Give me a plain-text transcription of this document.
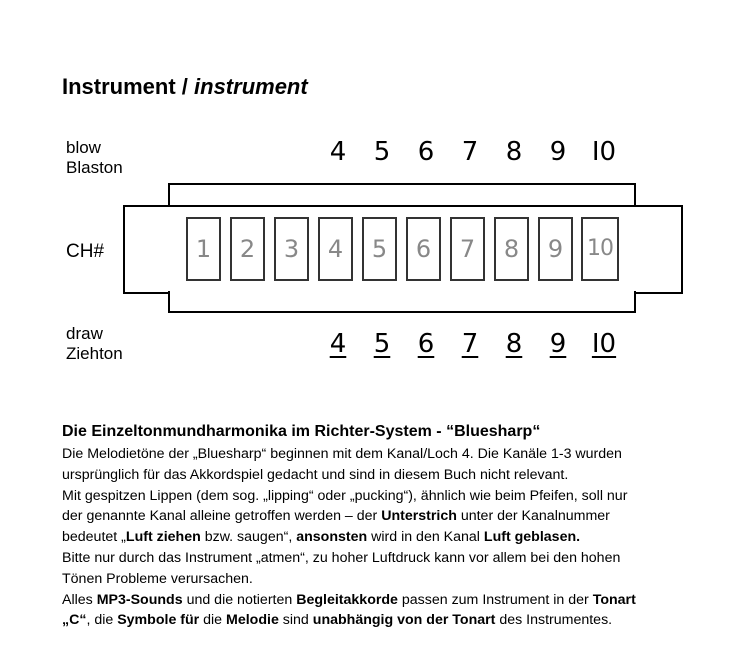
Instrument / instrument
blow
Blaston
4	5	6	7	8	9 I0
CH#	1	2	3	4	5	6	7	8	9	10
draw
Ziehton	4	5	6	7	8	9 I0
Die Einzeltonmundharmonika im Richter-System - “Bluesharp“

Die Melodietöne der „Bluesharp“ beginnen mit dem Kanal/Loch 4. Die Kanäle 1-3 wurden

ursprünglich für das Akkordspiel gedacht und sind in diesem Buch nicht relevant.

Mit gespitzen Lippen (dem sog. „lipping“ oder „pucking“), ähnlich wie beim Pfeifen, soll nur

der genannte Kanal alleine getroffen werden – der Unterstrich unter der Kanalnummer

bedeutet „Luft ziehen bzw. saugen“, ansonsten wird in den Kanal Luft geblasen.

Bitte nur durch das Instrument „atmen“, zu hoher Luftdruck kann vor allem bei den hohen

Tönen Probleme verursachen.

Alles MP3-Sounds und die notierten Begleitakkorde passen zum Instrument in der Tonart

„C“, die Symbole für die Melodie sind unabhängig von der Tonart des Instrumentes.
